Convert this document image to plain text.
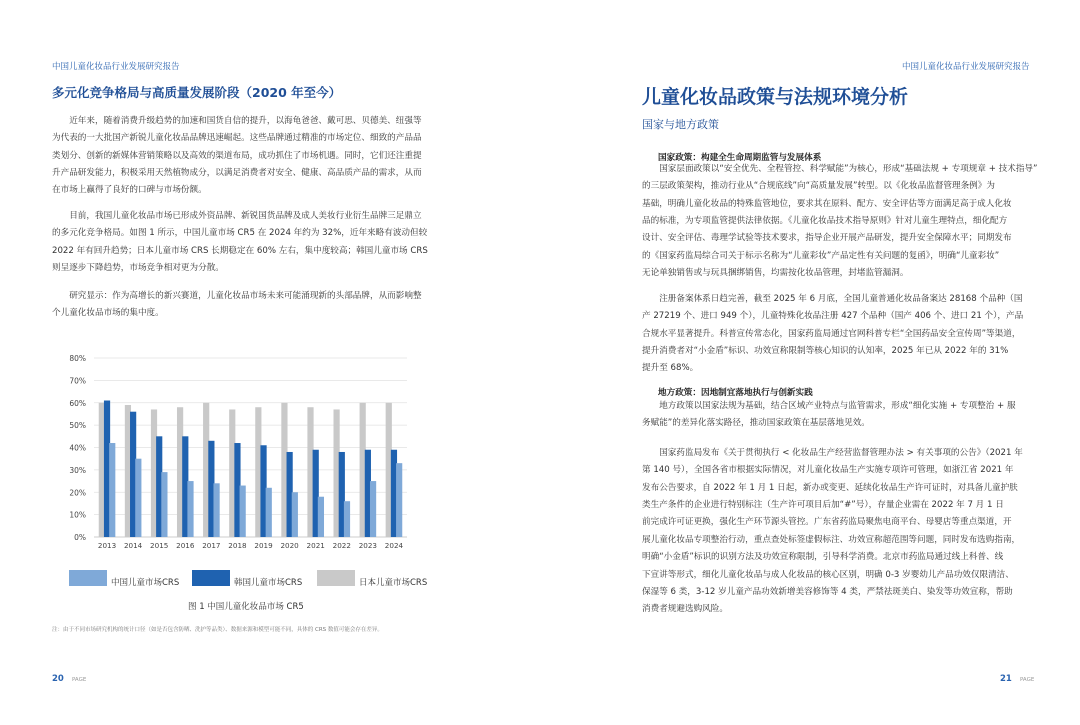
中国儿童化妆品行业发展研究报告
多元化竞争格局与高质量发展阶段（2020 年至今）

近年来，随着消费升级趋势的加速和国货自信的提升，以海龟爸爸、戴可思、贝德美、纽强等

为代表的一大批国产新锐儿童化妆品品牌迅速崛起。这些品牌通过精准的市场定位、细致的产品品

类划分、创新的新媒体营销策略以及高效的渠道布局，成功抓住了市场机遇。同时，它们还注重提

升产品研发能力，积极采用天然植物成分，以满足消费者对安全、健康、高品质产品的需求，从而

在市场上赢得了良好的口碑与市场份额。

目前，我国儿童化妆品市场已形成外资品牌、新锐国货品牌及成人美妆行业衍生品牌三足鼎立

的多元化竞争格局。如图 1 所示，中国儿童市场 CR5 在 2024 年约为 32%，近年来略有波动但较

2022 年有回升趋势；日本儿童市场 CRS 长期稳定在 60% 左右，集中度较高；韩国儿童市场 CRS

则呈逐步下降趋势，市场竞争相对更为分散。

研究显示：作为高增长的新兴赛道，儿童化妆品市场未来可能涌现新的头部品牌，从而影响整

个儿童化妆品市场的集中度。

0%
10%
20%
30%
40%
50%
60%
70%
80%
2013 2014 2015 2016 2017 2018 2019 2020 2021 2022 2023 2024
中国儿童市场CRS	韩国儿童市场CRS	日本儿童市场CRS
图 1 中国儿童化妆品市场 CR5
注：由于不同市场研究机构的统计口径（如是否包含防晒、洗护等品类）、数据来源和模型可能不同，具体的 CRS 数值可能会存在差异。
20 PAGE
中国儿童化妆品行业发展研究报告
儿童化妆品政策与法规环境分析
国家与地方政策
国家政策：构建全生命周期监管与发展体系

国家层面政策以“安全优先、全程管控、科学赋能”为核心，形成“基础法规 + 专项规章 + 技术指导”

的三层政策架构，推动行业从“合规底线”向“高质量发展”转型。以《化妆品监督管理条例》为

基础，明确儿童化妆品的特殊监管地位，要求其在原料、配方、安全评估等方面满足高于成人化妆

品的标准，为专项监管提供法律依据。《儿童化妆品技术指导原则》针对儿童生理特点，细化配方

设计、安全评估、毒理学试验等技术要求，指导企业开展产品研发，提升安全保障水平；同期发布

的《国家药监局综合司关于标示名称为“儿童彩妆”产品定性有关问题的复函》，明确“儿童彩妆”

无论单独销售或与玩具捆绑销售，均需按化妆品管理，封堵监管漏洞。

注册备案体系日趋完善，截至 2025 年 6 月底，全国儿童普通化妆品备案达 28168 个品种（国

产 27219 个、进口 949 个），儿童特殊化妆品注册 427 个品种（国产 406 个、进口 21 个），产品

合规水平显著提升。科普宣传常态化，国家药监局通过官网科普专栏“全国药品安全宣传周”等渠道，

提升消费者对“小金盾”标识、功效宣称限制等核心知识的认知率，2025 年已从 2022 年的 31%

提升至 68%。

地方政策：因地制宜落地执行与创新实践

地方政策以国家法规为基础，结合区域产业特点与监管需求，形成“细化实施 + 专项整治 + 服

务赋能”的差异化落实路径，推动国家政策在基层落地见效。

国家药监局发布《关于贯彻执行 < 化妆品生产经营监督管理办法 > 有关事项的公告》（2021 年

第 140 号），全国各省市根据实际情况，对儿童化妆品生产实施专项许可管理，如浙江省 2021 年

发布公告要求，自 2022 年 1 月 1 日起，新办或变更、延续化妆品生产许可证时，对具备儿童护肤

类生产条件的企业进行特别标注（生产许可项目后加“#”号），存量企业需在 2022 年 7 月 1 日

前完成许可证更换，强化生产环节源头管控。广东省药监局聚焦电商平台、母婴店等重点渠道，开

展儿童化妆品专项整治行动，重点查处标签虚假标注、功效宣称超范围等问题，同时发布选购指南，

明确“小金盾”标识的识别方法及功效宣称限制，引导科学消费。北京市药监局通过线上科普、线

下宣讲等形式，细化儿童化妆品与成人化妆品的核心区别，明确 0-3 岁婴幼儿产品功效仅限清洁、

保湿等 6 类，3-12 岁儿童产品功效新增美容修饰等 4 类，严禁祛斑美白、染发等功效宣称，帮助

消费者规避选购风险。

21 PAGE
